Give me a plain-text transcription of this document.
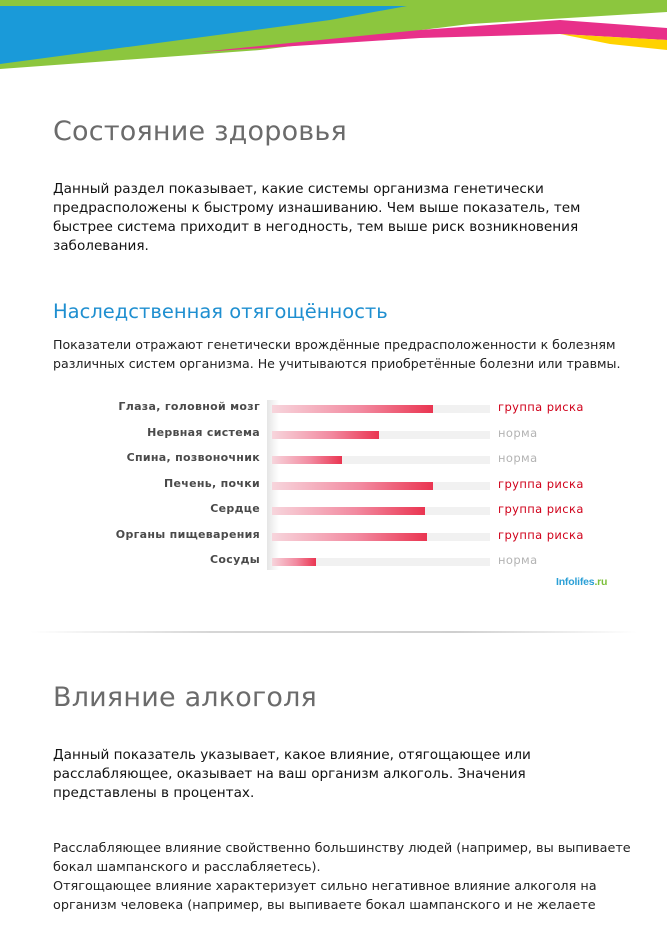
Состояние здоровья

Данный раздел показывает, какие системы организма генетически предрасположены к быстрому изнашиванию. Чем выше показатель, тем быстрее система приходит в негодность, тем выше риск возникновения заболевания.

Наследственная отягощённость

Показатели отражают генетически врождённые предрасположенности к болезням различных систем организма. Не учитываются приобретённые болезни или травмы.

Глаза, головной мозг	группа риска
Нервная система	норма
Спина, позвоночник	норма
Печень, почки	группа риска
Сердце	группа риска
Органы пищеварения	группа риска
Сосуды	норма
Infolifes.ru
Влияние алкоголя

Данный показатель указывает, какое влияние, отягощающее или расслабляющее, оказывает на ваш организм алкоголь. Значения представлены в процентах.

Расслабляющее влияние свойственно большинству людей (например, вы выпиваете бокал шампанского и расслабляетесь).

Отягощающее влияние характеризует сильно негативное влияние алкоголя на организм человека (например, вы выпиваете бокал шампанского и не желаете
